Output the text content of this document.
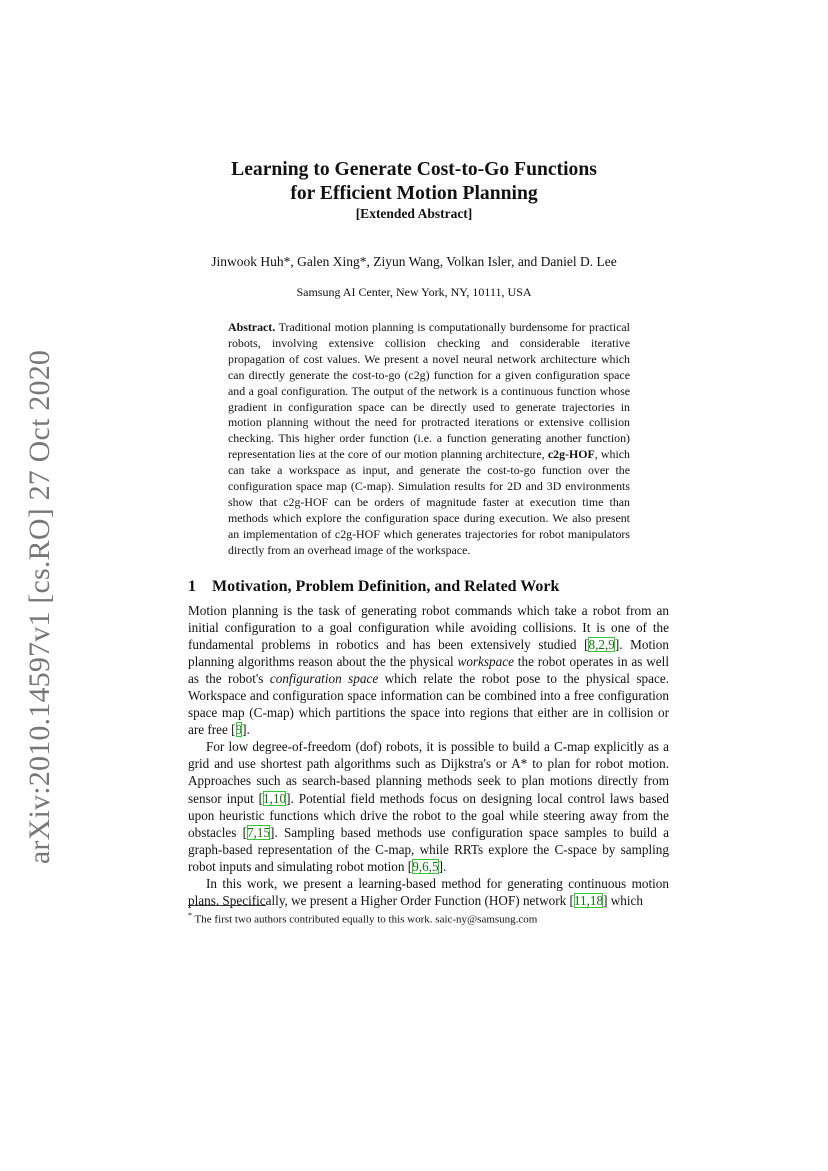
arXiv:2010.14597v1 [cs.RO] 27 Oct 2020
Learning to Generate Cost-to-Go Functions
for Efficient Motion Planning
[Extended Abstract]
Jinwook Huh*, Galen Xing*, Ziyun Wang, Volkan Isler, and Daniel D. Lee
Samsung AI Center, New York, NY, 10111, USA
Abstract. Traditional motion planning is computationally burdensome for practical robots, involving extensive collision checking and considerable iterative propagation of cost values. We present a novel neural network architecture which can directly generate the cost-to-go (c2g) function for a given configuration space and a goal configuration. The output of the network is a continuous function whose gradient in configuration space can be directly used to generate trajectories in motion planning without the need for protracted iterations or extensive collision checking. This higher order function (i.e. a function generating another function) representation lies at the core of our motion planning architecture, c2g-HOF, which can take a workspace as input, and generate the cost-to-go function over the configuration space map (C-map). Simulation results for 2D and 3D environments show that c2g-HOF can be orders of magnitude faster at execution time than methods which explore the configuration space during execution. We also present an implementation of c2g-HOF which generates trajectories for robot manipulators directly from an overhead image of the workspace.
1 Motivation, Problem Definition, and Related Work

Motion planning is the task of generating robot commands which take a robot from an initial configuration to a goal configuration while avoiding collisions. It is one of the fundamental problems in robotics and has been extensively studied [8,2,9]. Motion planning algorithms reason about the the physical workspace the robot operates in as well as the robot's configuration space which relate the robot pose to the physical space. Workspace and configuration space information can be combined into a free configuration space map (C-map) which partitions the space into regions that either are in collision or are free [9].

For low degree-of-freedom (dof) robots, it is possible to build a C-map explicitly as a grid and use shortest path algorithms such as Dijkstra's or A* to plan for robot motion. Approaches such as search-based planning methods seek to plan motions directly from sensor input [1,10]. Potential field methods focus on designing local control laws based upon heuristic functions which drive the robot to the goal while steering away from the obstacles [7,15]. Sampling based methods use configuration space samples to build a graph-based representation of the C-map, while RRTs explore the C-space by sampling robot inputs and simulating robot motion [9,6,5].

In this work, we present a learning-based method for generating continuous motion plans. Specifically, we present a Higher Order Function (HOF) network [11,18] which

* The first two authors contributed equally to this work. saic-ny@samsung.com
